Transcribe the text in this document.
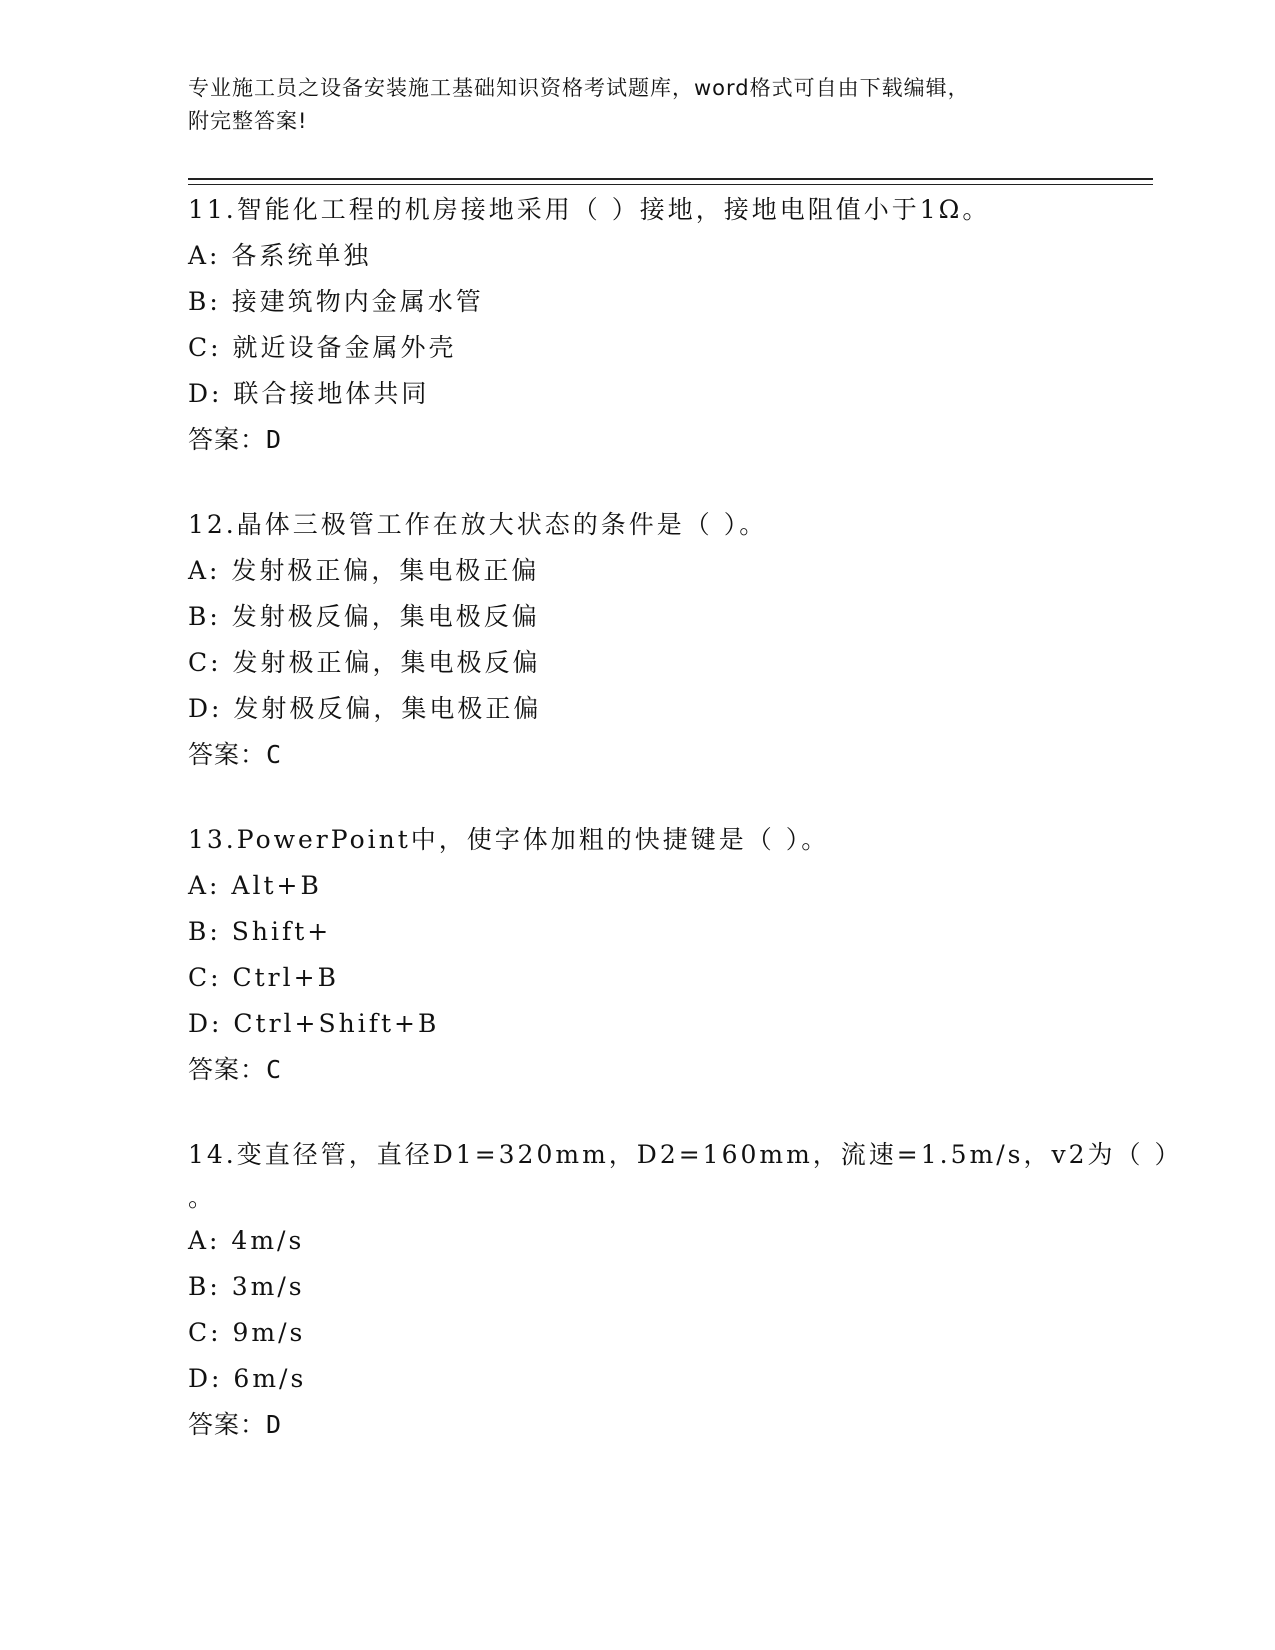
专业施工员之设备安装施工基础知识资格考试题库，word格式可自由下载编辑，
附完整答案!
11.智能化工程的机房接地采用（ ）接地，接地电阻值小于1Ω。
A: 各系统单独
B: 接建筑物内金属水管
C: 就近设备金属外壳
D: 联合接地体共同
答案：D
12.晶体三极管工作在放大状态的条件是（ ）。
A: 发射极正偏，集电极正偏
B: 发射极反偏，集电极反偏
C: 发射极正偏，集电极反偏
D: 发射极反偏，集电极正偏
答案：C
13.PowerPoint中，使字体加粗的快捷键是（ ）。
A: Alt+B
B: Shift+
C: Ctrl+B
D: Ctrl+Shift+B
答案：C
14.变直径管，直径D1=320mm，D2=160mm，流速=1.5m/s，v2为（ ）
。
A: 4m/s
B: 3m/s
C: 9m/s
D: 6m/s
答案：D
